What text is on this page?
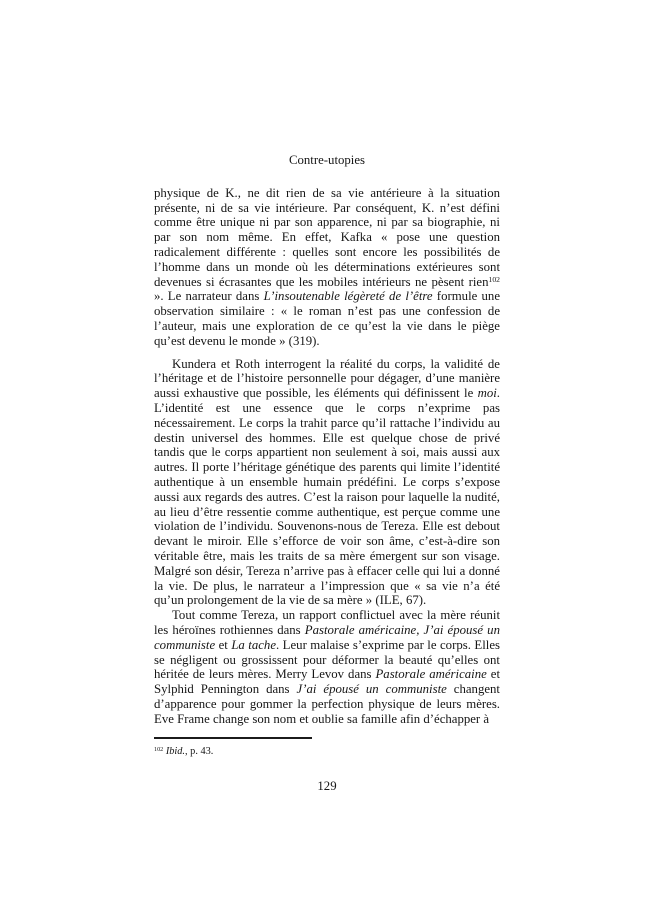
Contre-utopies

physique de K., ne dit rien de sa vie antérieure à la situation présente, ni de sa vie intérieure. Par conséquent, K. n’est défini comme être unique ni par son apparence, ni par sa biographie, ni par son nom même. En effet, Kafka « pose une question radicalement différente : quelles sont encore les possibilités de l’homme dans un monde où les déterminations extérieures sont devenues si écrasantes que les mobiles intérieurs ne pèsent rien$^{102}$ ». Le narrateur dans L’insoutenable légèreté de l’être formule une observation similaire : « le roman n’est pas une confession de l’auteur, mais une exploration de ce qu’est la vie dans le piège qu’est devenu le monde » (319).

Kundera et Roth interrogent la réalité du corps, la validité de l’héritage et de l’histoire personnelle pour dégager, d’une manière aussi exhaustive que possible, les éléments qui définissent le moi. L’identité est une essence que le corps n’exprime pas nécessairement. Le corps la trahit parce qu’il rattache l’individu au destin universel des hommes. Elle est quelque chose de privé tandis que le corps appartient non seulement à soi, mais aussi aux autres. Il porte l’héritage génétique des parents qui limite l’identité authentique à un ensemble humain prédéfini. Le corps s’expose aussi aux regards des autres. C’est la raison pour laquelle la nudité, au lieu d’être ressentie comme authentique, est perçue comme une violation de l’individu. Souvenons-nous de Tereza. Elle est debout devant le miroir. Elle s’efforce de voir son âme, c’est-à-dire son véritable être, mais les traits de sa mère émergent sur son visage. Malgré son désir, Tereza n’arrive pas à effacer celle qui lui a donné la vie. De plus, le narrateur a l’impression que « sa vie n’a été qu’un prolongement de la vie de sa mère » (ILE, 67).

Tout comme Tereza, un rapport conflictuel avec la mère réunit les héroïnes rothiennes dans Pastorale américaine, J’ai épousé un communiste et La tache. Leur malaise s’exprime par le corps. Elles se négligent ou grossissent pour déformer la beauté qu’elles ont héritée de leurs mères. Merry Levov dans Pastorale américaine et Sylphid Pennington dans J’ai épousé un communiste changent d’apparence pour gommer la perfection physique de leurs mères. Eve Frame change son nom et oublie sa famille afin d’échapper à

$^{102}$ Ibid., p. 43.
129
